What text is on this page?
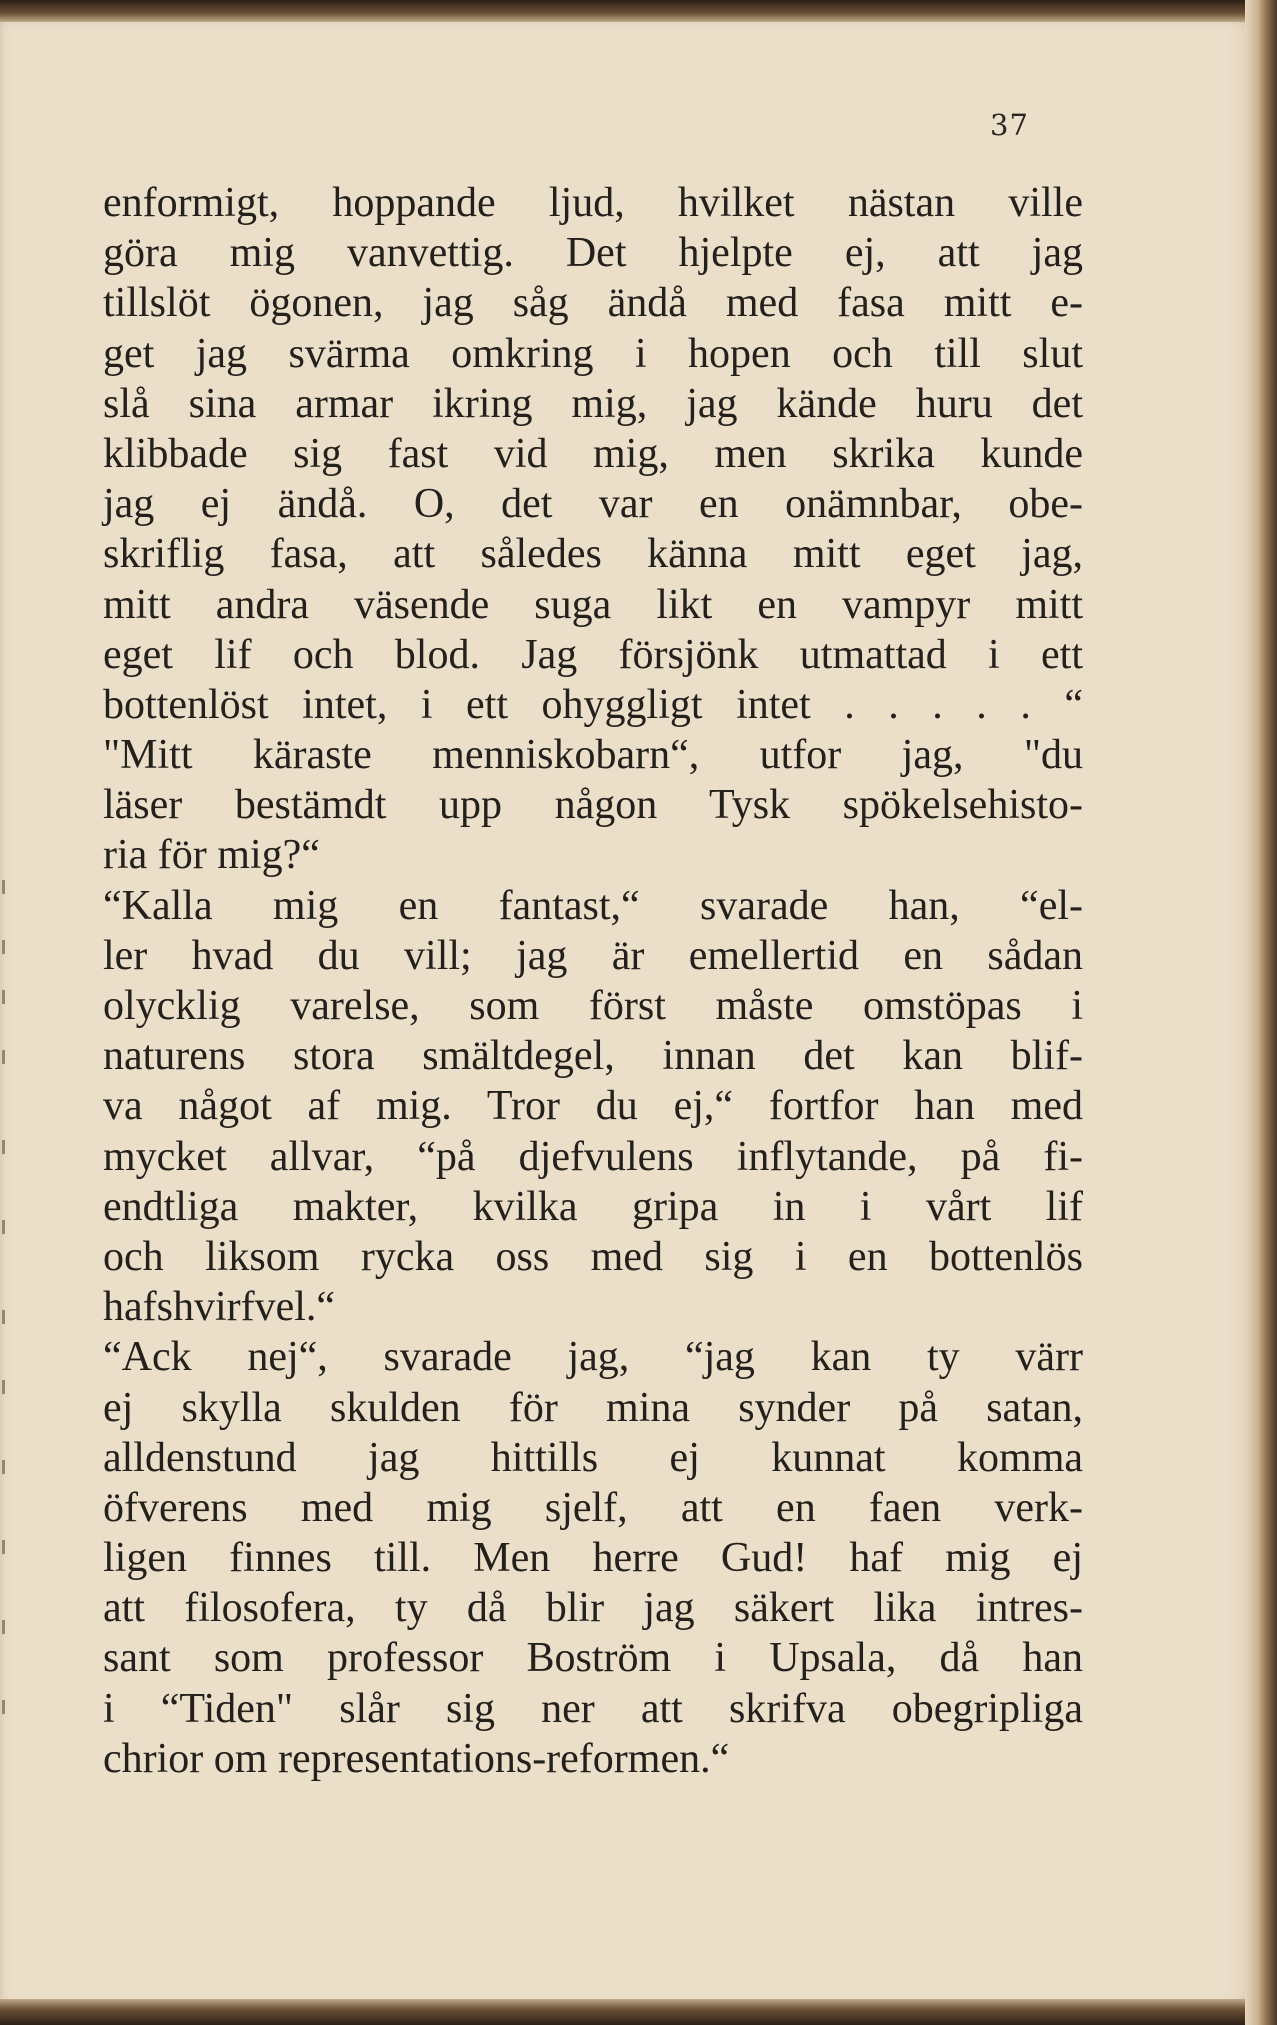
37
enformigt, hoppande ljud, hvilket nästan ville
göra mig vanvettig. Det hjelpte ej, att jag
tillslöt ögonen, jag såg ändå med fasa mitt e-
get jag svärma omkring i hopen och till slut
slå sina armar ikring mig, jag kände huru det
klibbade sig fast vid mig, men skrika kunde
jag ej ändå. O, det var en onämnbar, obe-
skriflig fasa, att således känna mitt eget jag,
mitt andra väsende suga likt en vampyr mitt
eget lif och blod. Jag försjönk utmattad i ett
bottenlöst intet, i ett ohyggligt intet . . . . . “
"Mitt käraste menniskobarn“, utfor jag, "du
läser bestämdt upp någon Tysk spökelsehisto-
ria för mig?“
“Kalla mig en fantast,“ svarade han, “el-
ler hvad du vill; jag är emellertid en sådan
olycklig varelse, som först måste omstöpas i
naturens stora smältdegel, innan det kan blif-
va något af mig. Tror du ej,“ fortfor han med
mycket allvar, “på djefvulens inflytande, på fi-
endtliga makter, kvilka gripa in i vårt lif
och liksom rycka oss med sig i en bottenlös
hafshvirfvel.“
“Ack nej“, svarade jag, “jag kan ty värr
ej skylla skulden för mina synder på satan,
alldenstund jag hittills ej kunnat komma
öfverens med mig sjelf, att en faen verk-
ligen finnes till. Men herre Gud! haf mig ej
att filosofera, ty då blir jag säkert lika intres-
sant som professor Boström i Upsala, då han
i “Tiden" slår sig ner att skrifva obegripliga
chrior om representations-reformen.“
